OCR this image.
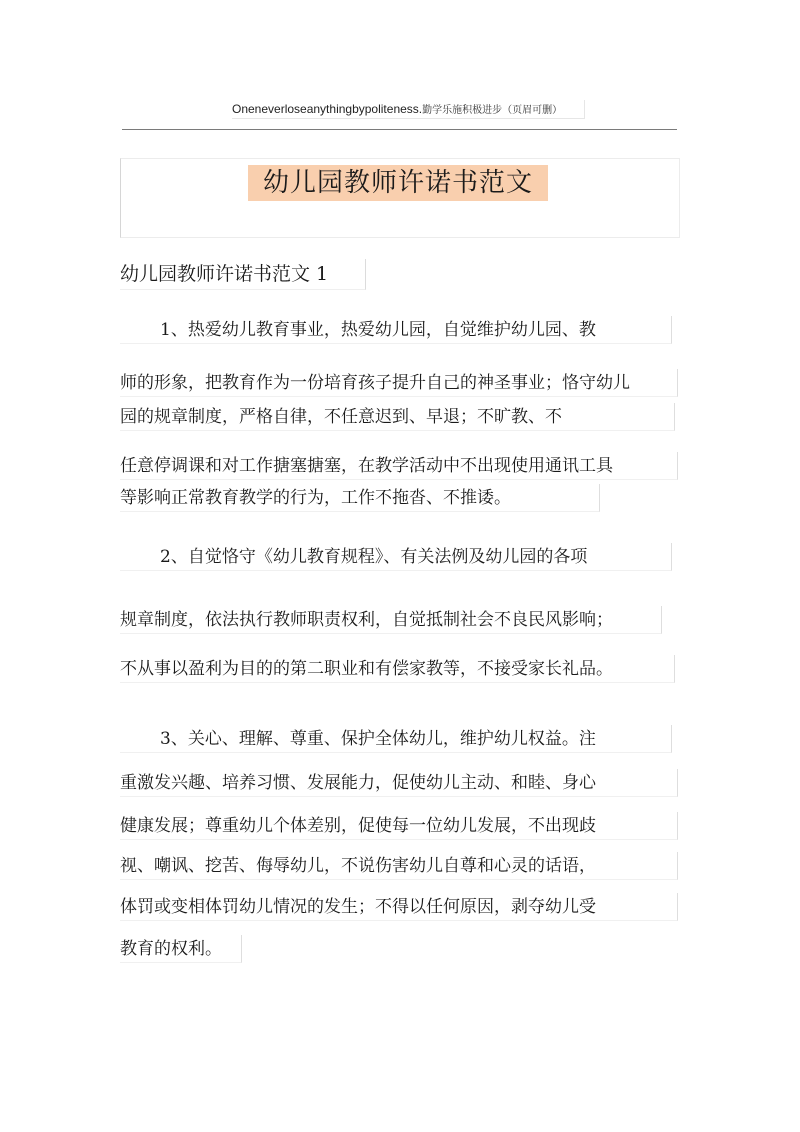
Oneneverloseanythingbypoliteness.勤学乐施积极进步（页眉可删）
幼儿园教师许诺书范文
幼儿园教师许诺书范文 1
1、热爱幼儿教育事业，热爱幼儿园，自觉维护幼儿园、教
师的形象，把教育作为一份培育孩子提升自己的神圣事业；恪守幼儿
园的规章制度，严格自律，不任意迟到、早退；不旷教、不
任意停调课和对工作搪塞搪塞，在教学活动中不出现使用通讯工具
等影响正常教育教学的行为，工作不拖沓、不推诿。
2、自觉恪守《幼儿教育规程》、有关法例及幼儿园的各项
规章制度，依法执行教师职责权利，自觉抵制社会不良民风影响；
不从事以盈利为目的的第二职业和有偿家教等，不接受家长礼品。
3、关心、理解、尊重、保护全体幼儿，维护幼儿权益。注
重激发兴趣、培养习惯、发展能力，促使幼儿主动、和睦、身心
健康发展；尊重幼儿个体差别，促使每一位幼儿发展，不出现歧
视、嘲讽、挖苦、侮辱幼儿，不说伤害幼儿自尊和心灵的话语，
体罚或变相体罚幼儿情况的发生；不得以任何原因，剥夺幼儿受
教育的权利。
